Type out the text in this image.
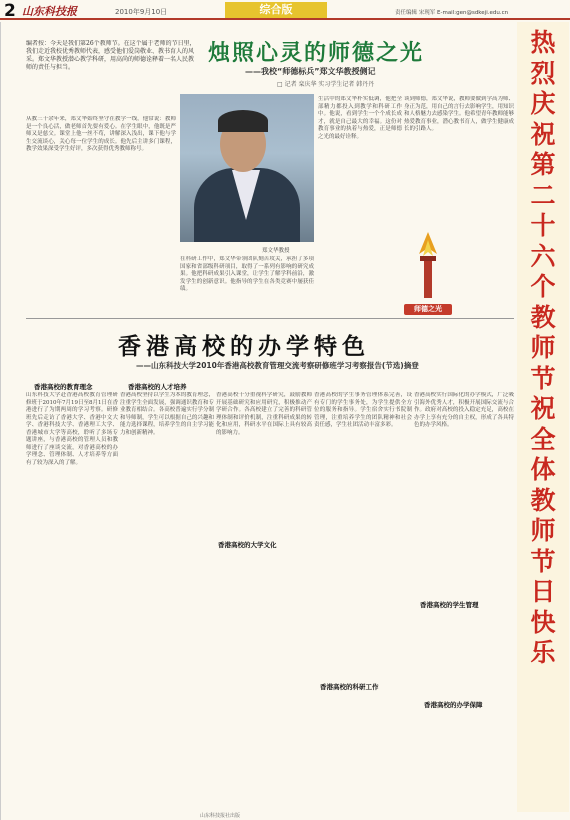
2 山东科技报	2010年9月10日	综合版	责任编辑 宋现军 E-mail:gen@sdkeji.edu.cn
编者按：今天是我们第26个教师节。在这个属于老师的节日里，我们走近我校优秀教师代表，感受他们爱岗敬业、教书育人的风采。郑文华教授潜心教学科研，用高尚的师德诠释着一名人民教师的责任与担当。
烛照心灵的师德之光
——我校“师德标兵”郑文华教授侧记
□ 记者 栾庆华 实习学生记者 韩丹丹
从教三十余年来，郑文华始终坚守在教学一线，他常说：教师是一个良心活，做老师首先要有爱心。在学生眼中，他既是严师又是慈父。课堂上他一丝不苟，讲解深入浅出，课下他与学生交流谈心，关心每一位学生的成长。他先后主讲多门课程，教学效果深受学生好评，多次获得优秀教师称号。
郑文华教授
在科研工作中，郑文华带领团队刻苦攻关，承担了多项国家和省部级科研项目，取得了一系列有影响的研究成果。他把科研成果引入课堂，让学生了解学科前沿，激发学生的创新意识。他指导的学生在各类竞赛中屡获佳绩。
生活中的郑文华朴实低调，他把全部精力都投入到教学和科研工作中。他说，看到学生一个个成长成才，就是自己最大的幸福。这份对教育事业的执着与热爱，正是师德之光的最好诠释。
谈到师德，郑文华说，教师要做到学高为师、身正为范，用自己的言行去影响学生，用知识和人格魅力去感染学生。他希望青年教师能够热爱教育事业，潜心教书育人，做学生健康成长的引路人。
师德之光
热烈庆祝第二十六个教师节祝全体教师节日快乐
香港高校的办学特色
——山东科技大学2010年香港高校教育管理交流考察研修班学习考察报告(节选)摘登
香港高校的教育理念
山东科技大学赴香港高校教育管理研修班于2010年7月19日至8月1日在香港进行了为期两周的学习考察。研修班先后走访了香港大学、香港中文大学、香港科技大学、香港理工大学、香港城市大学等高校，聆听了多场专题讲座，与香港高校的管理人员和教师进行了座谈交流，对香港高校的办学理念、管理体制、人才培养等方面有了较为深入的了解。
香港高校的人才培养
香港高校坚持以学生为本的教育理念，注重学生全面发展，强调通识教育和专业教育相结合。各高校普遍实行学分制和导师制，学生可以根据自己的兴趣和能力选择课程，培养学生的自主学习能力和创新精神。
香港高校的大学文化
香港高校十分重视科学研究，鼓励教师开展基础研究和应用研究，积极推动产学研合作。各高校建立了完善的科研管理体制和评价机制，注重科研成果的转化和应用，科研水平在国际上具有较高的影响力。
香港高校的科研工作
香港高校的学生事务管理体系完善，设有专门的学生事务处，为学生提供全方位的服务和指导。学生宿舍实行书院制管理，注重培养学生的团队精神和社会责任感，学生社团活动丰富多彩。
香港高校的学生管理
香港高校实行国际化的办学模式，广泛吸引海外优秀人才，积极开展国际交流与合作。政府对高校的投入稳定充足，高校在办学上享有充分的自主权，形成了各具特色的办学风格。
香港高校的办学保障
山东科技报社出版
